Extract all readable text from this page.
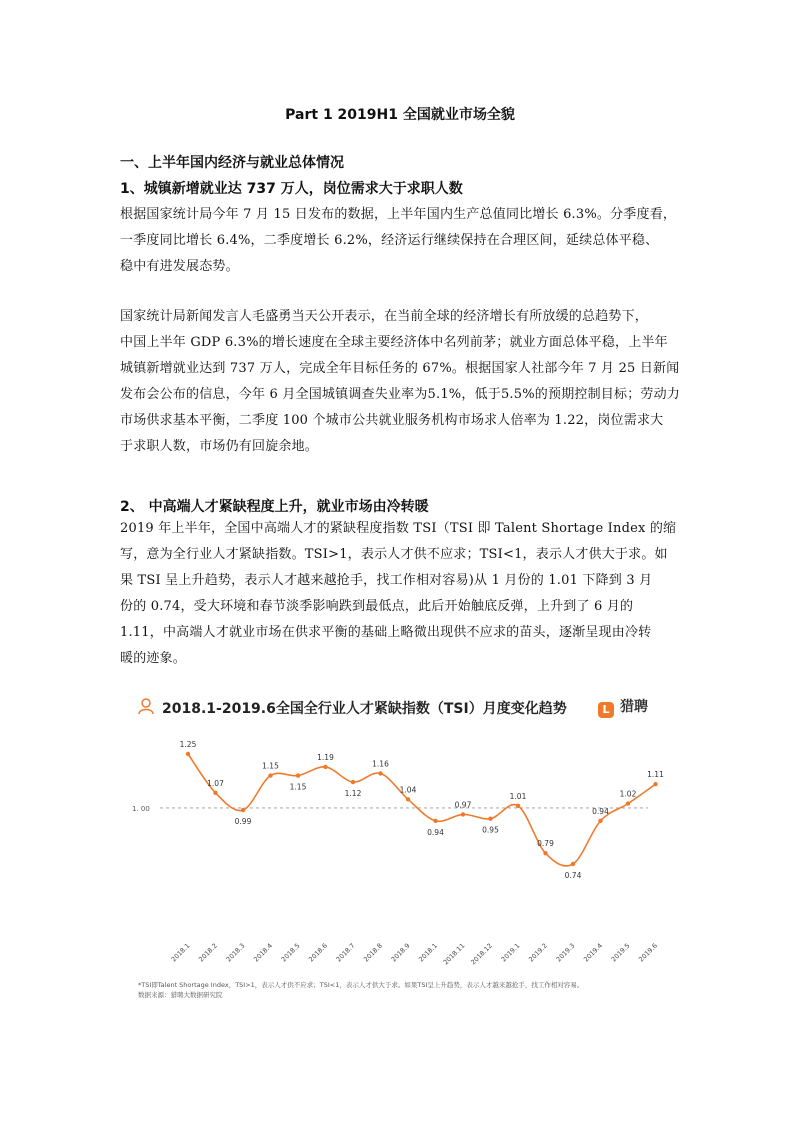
Part 1 2019H1 全国就业市场全貌
一、上半年国内经济与就业总体情况
1、城镇新增就业达 737 万人，岗位需求大于求职人数
根据国家统计局今年 7 月 15 日发布的数据，上半年国内生产总值同比增长 6.3%。分季度看，
一季度同比增长 6.4%，二季度增长 6.2%，经济运行继续保持在合理区间，延续总体平稳、
稳中有进发展态势。
国家统计局新闻发言人毛盛勇当天公开表示，在当前全球的经济增长有所放缓的总趋势下，
中国上半年 GDP 6.3%的增长速度在全球主要经济体中名列前茅；就业方面总体平稳，上半年
城镇新增就业达到 737 万人，完成全年目标任务的 67%。根据国家人社部今年 7 月 25 日新闻
发布会公布的信息，今年 6 月全国城镇调查失业率为5.1%，低于5.5%的预期控制目标；劳动力
市场供求基本平衡，二季度 100 个城市公共就业服务机构市场求人倍率为 1.22，岗位需求大
于求职人数，市场仍有回旋余地。
2、 中高端人才紧缺程度上升，就业市场由冷转暖
2019 年上半年，全国中高端人才的紧缺程度指数 TSI（TSI 即 Talent Shortage Index 的缩
写，意为全行业人才紧缺指数。TSI>1，表示人才供不应求；TSI<1，表示人才供大于求。如
果 TSI 呈上升趋势，表示人才越来越抢手，找工作相对容易)从 1 月份的 1.01 下降到 3 月
份的 0.74，受大环境和春节淡季影响跌到最低点，此后开始触底反弹，上升到了 6 月的
1.11，中高端人才就业市场在供求平衡的基础上略微出现供不应求的苗头，逐渐呈现由冷转
暖的迹象。
2018.1-2019.6全国全行业人才紧缺指数（TSI）月度变化趋势	L 猎聘
1. 00
1.25
2018.1
1.07
2018.2
0.99
2018.3
1.15
2018.4
1.15
2018.5
1.19
2018.6
1.12
2018.7
1.16
2018.8
1.04
2018.9
0.94
2018.1
0.97
2018.11
0.95
2018.12
1.01
2019.1
0.79
2019.2
0.74
2019.3
0.94
2019.4
1.02
2019.5
1.11
2019.6
*TSI即Talent Shortage Index，TSI>1，表示人才供不应求；TSI<1，表示人才供大于求。如果TSI呈上升趋势，表示人才越来越抢手，找工作相对容易。
数据来源：猎聘大数据研究院
